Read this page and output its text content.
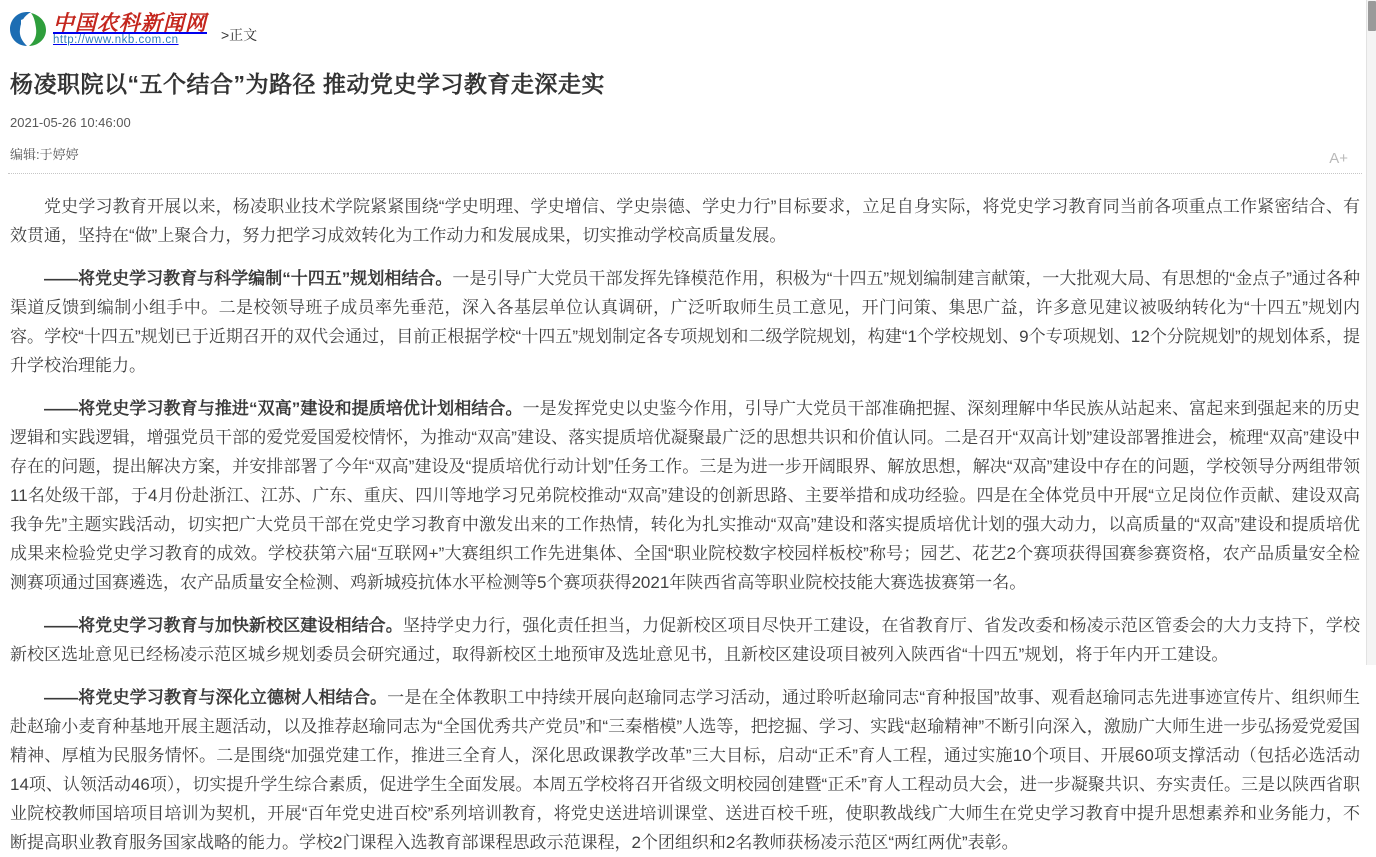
中国农科新闻网
http://www.nkb.com.cn	>正文
杨凌职院以“五个结合”为路径 推动党史学习教育走深走实
2021-05-26 10:46:00
编辑:于婷婷	A+

党史学习教育开展以来，杨凌职业技术学院紧紧围绕“学史明理、学史增信、学史崇德、学史力行”目标要求，立足自身实际，将党史学习教育同当前各项重点工作紧密结合、有效贯通，坚持在“做”上聚合力，努力把学习成效转化为工作动力和发展成果，切实推动学校高质量发展。

——将党史学习教育与科学编制“十四五”规划相结合。一是引导广大党员干部发挥先锋模范作用，积极为“十四五”规划编制建言献策，一大批观大局、有思想的“金点子”通过各种渠道反馈到编制小组手中。二是校领导班子成员率先垂范，深入各基层单位认真调研，广泛听取师生员工意见，开门问策、集思广益，许多意见建议被吸纳转化为“十四五”规划内容。学校“十四五”规划已于近期召开的双代会通过，目前正根据学校“十四五”规划制定各专项规划和二级学院规划，构建“1个学校规划、9个专项规划、12个分院规划”的规划体系，提升学校治理能力。

——将党史学习教育与推进“双高”建设和提质培优计划相结合。一是发挥党史以史鉴今作用，引导广大党员干部准确把握、深刻理解中华民族从站起来、富起来到强起来的历史逻辑和实践逻辑，增强党员干部的爱党爱国爱校情怀，为推动“双高”建设、落实提质培优凝聚最广泛的思想共识和价值认同。二是召开“双高计划”建设部署推进会，梳理“双高”建设中存在的问题，提出解决方案，并安排部署了今年“双高”建设及“提质培优行动计划”任务工作。三是为进一步开阔眼界、解放思想，解决“双高”建设中存在的问题，学校领导分两组带领11名处级干部，于4月份赴浙江、江苏、广东、重庆、四川等地学习兄弟院校推动“双高”建设的创新思路、主要举措和成功经验。四是在全体党员中开展“立足岗位作贡献、建设双高我争先”主题实践活动，切实把广大党员干部在党史学习教育中激发出来的工作热情，转化为扎实推动“双高”建设和落实提质培优计划的强大动力，以高质量的“双高”建设和提质培优成果来检验党史学习教育的成效。学校获第六届“互联网+”大赛组织工作先进集体、全国“职业院校数字校园样板校”称号；园艺、花艺2个赛项获得国赛参赛资格，农产品质量安全检测赛项通过国赛遴选，农产品质量安全检测、鸡新城疫抗体水平检测等5个赛项获得2021年陕西省高等职业院校技能大赛选拔赛第一名。

——将党史学习教育与加快新校区建设相结合。坚持学史力行，强化责任担当，力促新校区项目尽快开工建设，在省教育厅、省发改委和杨凌示范区管委会的大力支持下，学校新校区选址意见已经杨凌示范区城乡规划委员会研究通过，取得新校区土地预审及选址意见书，且新校区建设项目被列入陕西省“十四五”规划，将于年内开工建设。

——将党史学习教育与深化立德树人相结合。一是在全体教职工中持续开展向赵瑜同志学习活动，通过聆听赵瑜同志“育种报国”故事、观看赵瑜同志先进事迹宣传片、组织师生赴赵瑜小麦育种基地开展主题活动，以及推荐赵瑜同志为“全国优秀共产党员”和“三秦楷模”人选等，把挖掘、学习、实践“赵瑜精神”不断引向深入，激励广大师生进一步弘扬爱党爱国精神、厚植为民服务情怀。二是围绕“加强党建工作，推进三全育人，深化思政课教学改革”三大目标，启动“正禾”育人工程，通过实施10个项目、开展60项支撑活动（包括必选活动14项、认领活动46项），切实提升学生综合素质，促进学生全面发展。本周五学校将召开省级文明校园创建暨“正禾”育人工程动员大会，进一步凝聚共识、夯实责任。三是以陕西省职业院校教师国培项目培训为契机，开展“百年党史进百校”系列培训教育，将党史送进培训课堂、送进百校千班，使职教战线广大师生在党史学习教育中提升思想素养和业务能力，不断提高职业教育服务国家战略的能力。学校2门课程入选教育部课程思政示范课程，2个团组织和2名教师获杨凌示范区“两红两优”表彰。
